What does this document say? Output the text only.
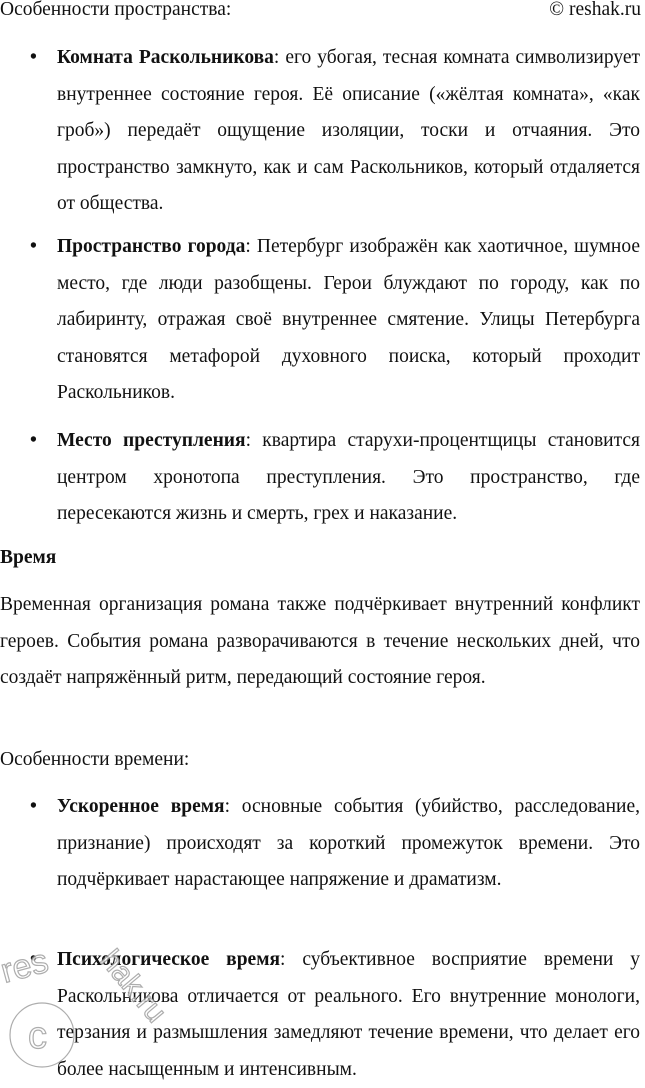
Особенности пространства:	© reshak.ru
• Комната Раскольникова: его убогая, тесная комната символизирует внутреннее состояние героя. Её описание («жёлтая комната», «как гроб») передаёт ощущение изоляции, тоски и отчаяния. Это пространство замкнуто, как и сам Раскольников, который отдаляется от общества.
• Пространство города: Петербург изображён как хаотичное, шумное место, где люди разобщены. Герои блуждают по городу, как по лабиринту, отражая своё внутреннее смятение. Улицы Петербурга становятся метафорой духовного поиска, который проходит Раскольников.
• Место преступления: квартира старухи-процентщицы становится центром хронотопа преступления. Это пространство, где пересекаются жизнь и смерть, грех и наказание.
Время
Временная организация романа также подчёркивает внутренний конфликт героев. События романа разворачиваются в течение нескольких дней, что создаёт напряжённый ритм, передающий состояние героя.
Особенности времени:
• Ускоренное время: основные события (убийство, расследование, признание) происходят за короткий промежуток времени. Это подчёркивает нарастающее напряжение и драматизм.
• Психологическое время: субъективное восприятие времени у Раскольникова отличается от реального. Его внутренние монологи, терзания и размышления замедляют течение времени, что делает его более насыщенным и интенсивным.
